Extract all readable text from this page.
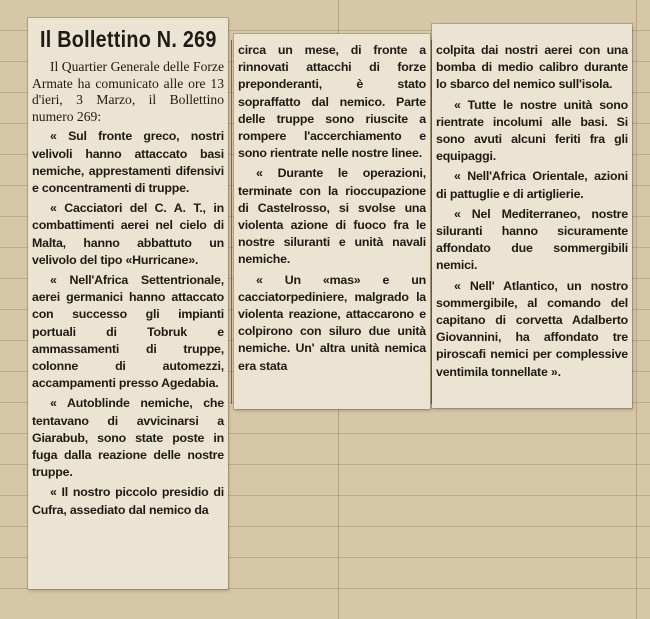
Il Bollettino N. 269

Il Quartier Generale delle Forze Armate ha comunicato alle ore 13 d'ieri, 3 Marzo, il Bollettino numero 269:

« Sul fronte greco, nostri velivoli hanno attaccato basi nemiche, apprestamenti difensivi e concentramenti di truppe.

« Cacciatori del C. A. T., in combattimenti aerei nel cielo di Malta, hanno abbattuto un velivolo del tipo «Hurricane».

« Nell'Africa Settentrionale, aerei germanici hanno attaccato con successo gli impianti portuali di Tobruk e ammassamenti di truppe, colonne di automezzi, accampamenti presso Agedabia.

« Autoblinde nemiche, che tentavano di avvicinarsi a Giarabub, sono state poste in fuga dalla reazione delle nostre truppe.

« Il nostro piccolo presidio di Cufra, assediato dal nemico da

circa un mese, di fronte a rinnovati attacchi di forze preponderanti, è stato sopraffatto dal nemico. Parte delle truppe sono riuscite a rompere l'accerchiamento e sono rientrate nelle nostre linee.

« Durante le operazioni, terminate con la rioccupazione di Castelrosso, si svolse una violenta azione di fuoco fra le nostre siluranti e unità navali nemiche.

« Un «mas» e un cacciatorpediniere, malgrado la violenta reazione, attaccarono e colpirono con siluro due unità nemiche. Un' altra unità nemica era stata

colpita dai nostri aerei con una bomba di medio calibro durante lo sbarco del nemico sull'isola.

« Tutte le nostre unità sono rientrate incolumi alle basi. Si sono avuti alcuni feriti fra gli equipaggi.

« Nell'Africa Orientale, azioni di pattuglie e di artiglierie.

« Nel Mediterraneo, nostre siluranti hanno sicuramente affondato due sommergibili nemici.

« Nell' Atlantico, un nostro sommergibile, al comando del capitano di corvetta Adalberto Giovannini, ha affondato tre piroscafi nemici per complessive ventimila tonnellate ».
